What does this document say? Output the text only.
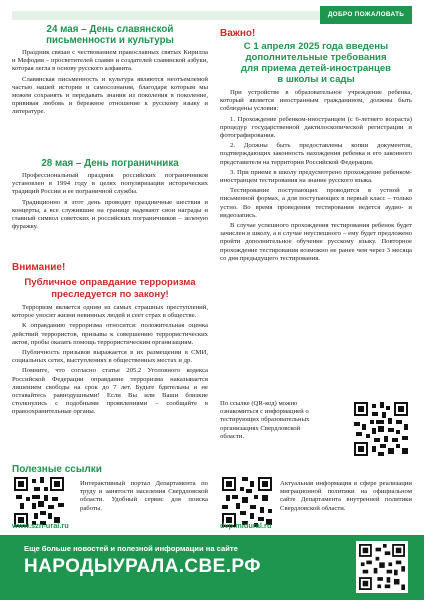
ДОБРО ПОЖАЛОВАТЬ
24 мая – День славянской
письменности и культуры

Праздник связан с чествованием православных святых Кирилла и Мефодия – просветителей славян и создателей славянской азбуки, которая легла в основу русского алфавита.

Славянская письменность и культура являются неотъемлемой частью нашей истории и самосознания, благодаря которым мы можем сохранять и передавать знания из поколения в поколение, прививая любовь и бережное отношение к русскому языку и литературе.

28 мая – День пограничника

Профессиональный праздник российских пограничников установлен в 1994 году в целях популяризации исторических традиций России и ее пограничной службы.

Традиционно в этот день проводят праздничные шествия и концерты, а все служившие на границе надевают свои награды и главный символ советских и российских пограничников – зеленую фуражку.

Внимание!
Публичное оправдание терроризма
преследуется по закону!

Терроризм является одним из самых страшных преступлений, которое уносит жизни невинных людей и сеет страх в обществе.

К оправданию терроризма относится: положительная оценка действий террористов, призывы к совершению террористических актов, пробы оказать помощь террористическим организациям.

Публичность призывов выражается в их размещении в СМИ, социальных сетях, выступлениях в общественных местах и др.

Помните, что согласно статье 205.2 Уголовного кодекса Российской Федерации оправдание терроризма наказывается лишением свободы на срок до 7 лет. Будьте бдительны и не оставайтесь равнодушными! Если Вы или Ваши близкие столкнулись с подобными проявлениями – сообщайте в правоохранительные органы.

Важно!
С 1 апреля 2025 года введены
дополнительные требования
для приема детей-иностранцев
в школы и сады

При устройстве в образовательное учреждение ребенка, который является иностранным гражданином, должны быть соблюдены условия:

1. Прохождение ребенком-иностранцем (с 6-летнего возраста) процедур государственной дактилоскопической регистрации и фотографирования.

2. Должны быть предоставлены копии документов, подтверждающих законность нахождения ребенка и его законного представителя на территории Российской Федерации.

3. При приеме в школу предусмотрено прохождение ребенком-иностранцем тестирования на знание русского языка.

Тестирование поступающих проводится в устной и письменной формах, а для поступающих в первый класс – только устно. Во время проведения тестирования ведется аудио- и видеозапись.

В случае успешного прохождения тестирования ребенок будет зачислен в школу, а в случае неуспешного – ему будет предложено пройти дополнительное обучение русскому языку. Повторное прохождение тестирования возможно не ранее чем через 3 месяца со дня предыдущего тестирования.

По ссылке (QR-код) можно ознакомиться с информацией о тестирующих образовательных организациях Свердловской области.

Полезные ссылки

Интерактивный портал Департамента по труду и занятости населения Свердловской области. Удобный сервис для поиска работы.

www.szn-ural.ru

Актуальная информация в сфере реализации миграционной политики на официальном сайте Департамента внутренней политики Свердловской области.

dvp.midural.ru
Еще больше новостей и полезной информации на сайте
НАРОДЫУРАЛА.СВЕ.РФ
